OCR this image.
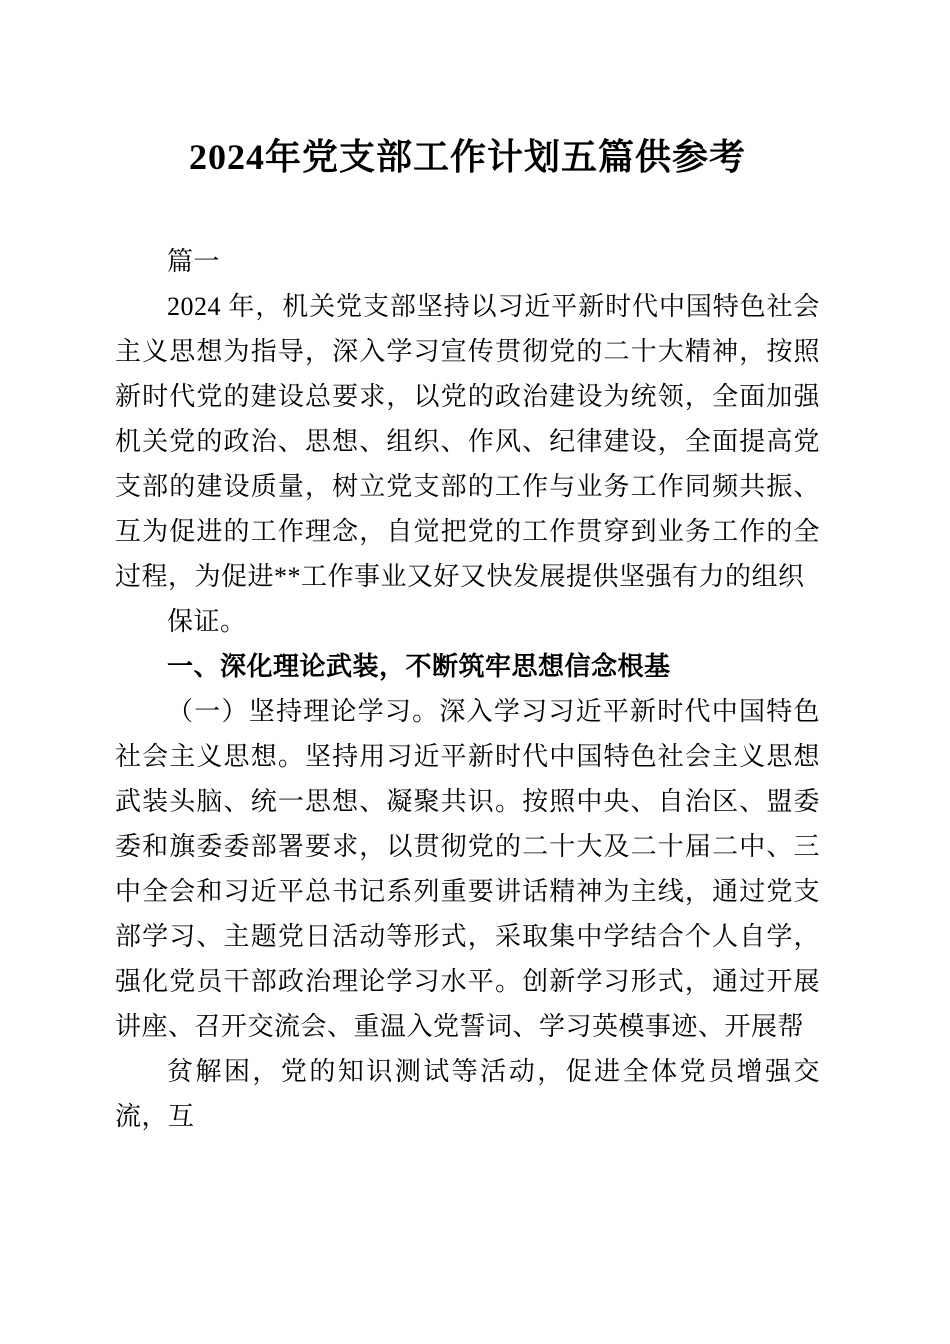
2024年党支部工作计划五篇供参考

篇一

2024 年，机关党支部坚持以习近平新时代中国特色社会主义思想为指导，深入学习宣传贯彻党的二十大精神，按照新时代党的建设总要求，以党的政治建设为统领，全面加强机关党的政治、思想、组织、作风、纪律建设，全面提高党支部的建设质量，树立党支部的工作与业务工作同频共振、互为促进的工作理念，自觉把党的工作贯穿到业务工作的全过程，为促进**工作事业又好又快发展提供坚强有力的组织

保证。

一、深化理论武装，不断筑牢思想信念根基

（一）坚持理论学习。深入学习习近平新时代中国特色社会主义思想。坚持用习近平新时代中国特色社会主义思想武装头脑、统一思想、凝聚共识。按照中央、自治区、盟委委和旗委委部署要求，以贯彻党的二十大及二十届二中、三中全会和习近平总书记系列重要讲话精神为主线，通过党支部学习、主题党日活动等形式，采取集中学结合个人自学，强化党员干部政治理论学习水平。创新学习形式，通过开展讲座、召开交流会、重温入党誓词、学习英模事迹、开展帮

贫解困，党的知识测试等活动，促进全体党员增强交流，互
